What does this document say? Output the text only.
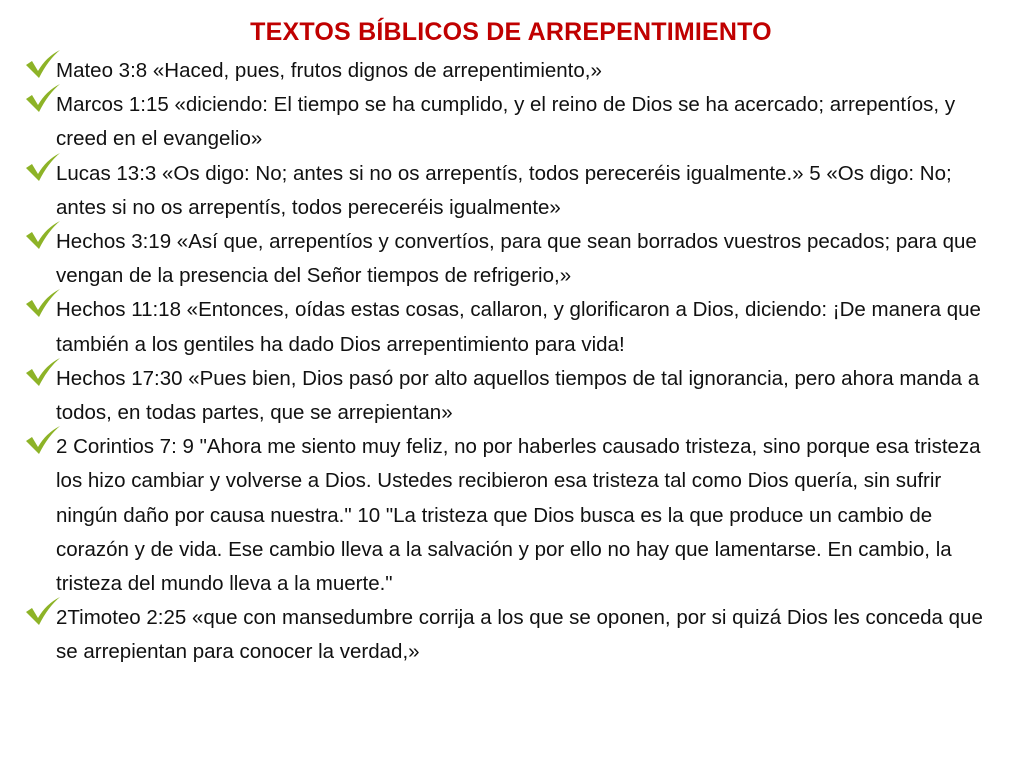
TEXTOS BÍBLICOS DE ARREPENTIMIENTO
Mateo 3:8 «Haced, pues, frutos dignos de arrepentimiento,»
Marcos 1:15 «diciendo: El tiempo se ha cumplido, y el reino de Dios se ha acercado; arrepentíos, y creed en el evangelio»
Lucas 13:3 «Os digo: No; antes si no os arrepentís, todos pereceréis igualmente.» 5 «Os digo: No; antes si no os arrepentís, todos pereceréis igualmente»
Hechos 3:19 «Así que, arrepentíos y convertíos, para que sean borrados vuestros pecados; para que vengan de la presencia del Señor tiempos de refrigerio,»
Hechos 11:18 «Entonces, oídas estas cosas, callaron, y glorificaron a Dios, diciendo: ¡De manera que también a los gentiles ha dado Dios arrepentimiento para vida!
Hechos 17:30 «Pues bien, Dios pasó por alto aquellos tiempos de tal ignorancia, pero ahora manda a todos, en todas partes, que se arrepientan»
2 Corintios 7: 9 "Ahora me siento muy feliz, no por haberles causado tristeza, sino porque esa tristeza los hizo cambiar y volverse a Dios. Ustedes recibieron esa tristeza tal como Dios quería, sin sufrir ningún daño por causa nuestra." 10 "La tristeza que Dios busca es la que produce un cambio de corazón y de vida. Ese cambio lleva a la salvación y por ello no hay que lamentarse. En cambio, la tristeza del mundo lleva a la muerte."
2Timoteo 2:25 «que con mansedumbre corrija a los que se oponen, por si quizá Dios les conceda que se arrepientan para conocer la verdad,»
